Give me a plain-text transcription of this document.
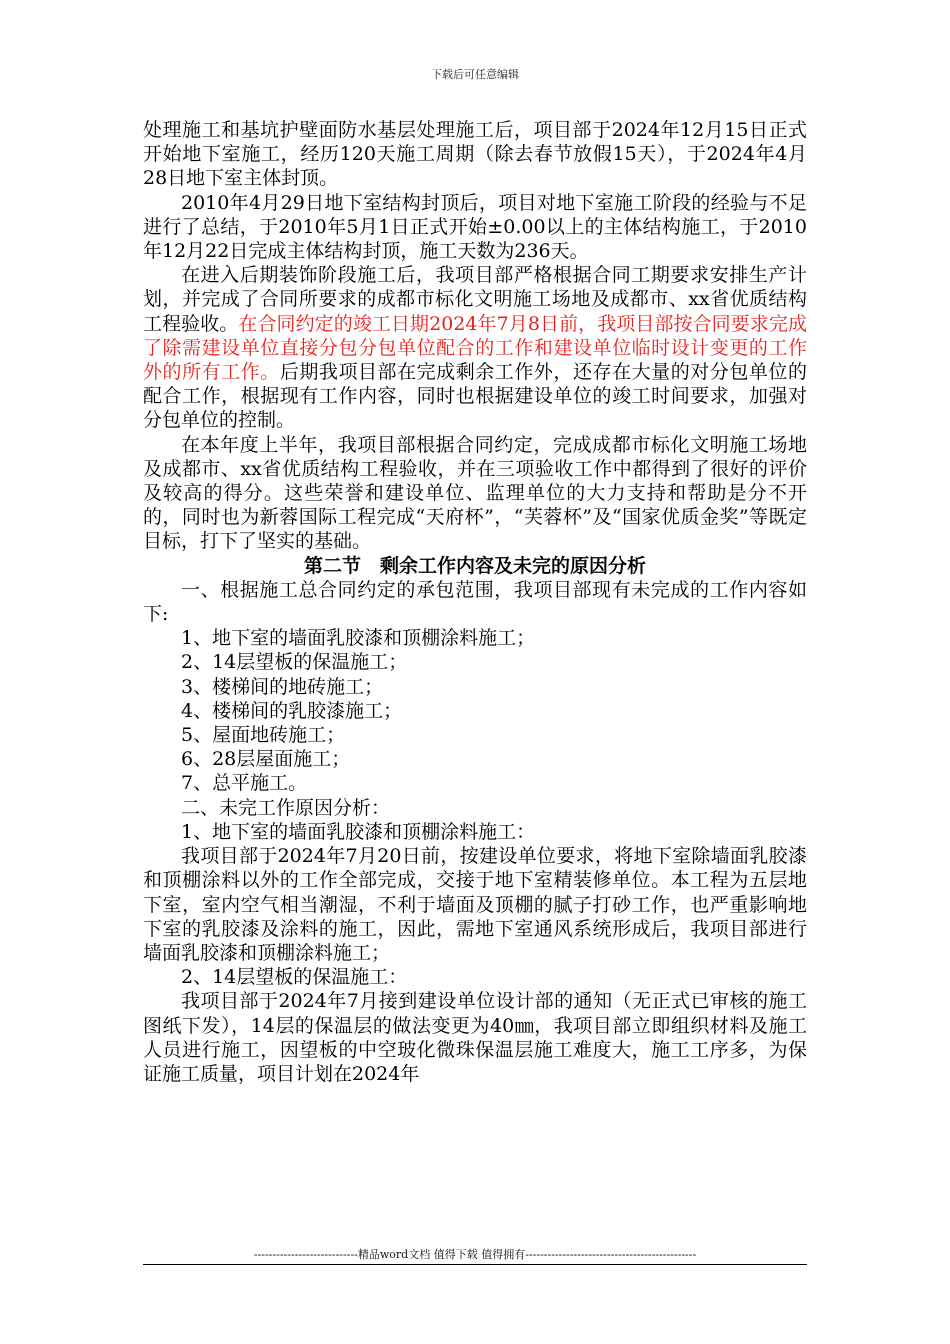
下载后可任意编辑

处理施工和基坑护壁面防水基层处理施工后，项目部于2024年12月15日正式开始地下室施工，经历120天施工周期（除去春节放假15天），于2024年4月28日地下室主体封顶。

2010年4月29日地下室结构封顶后，项目对地下室施工阶段的经验与不足进行了总结，于2010年5月1日正式开始±0.00以上的主体结构施工，于2010年12月22日完成主体结构封顶，施工天数为236天。

在进入后期装饰阶段施工后，我项目部严格根据合同工期要求安排生产计划，并完成了合同所要求的成都市标化文明施工场地及成都市、xx省优质结构工程验收。在合同约定的竣工日期2024年7月8日前，我项目部按合同要求完成了除需建设单位直接分包分包单位配合的工作和建设单位临时设计变更的工作外的所有工作。后期我项目部在完成剩余工作外，还存在大量的对分包单位的配合工作，根据现有工作内容，同时也根据建设单位的竣工时间要求，加强对分包单位的控制。

在本年度上半年，我项目部根据合同约定，完成成都市标化文明施工场地及成都市、xx省优质结构工程验收，并在三项验收工作中都得到了很好的评价及较高的得分。这些荣誉和建设单位、监理单位的大力支持和帮助是分不开的，同时也为新蓉国际工程完成“天府杯”，“芙蓉杯”及“国家优质金奖”等既定目标，打下了坚实的基础。

第二节　剩余工作内容及未完的原因分析

一、根据施工总合同约定的承包范围，我项目部现有未完成的工作内容如下:

1、地下室的墙面乳胶漆和顶棚涂料施工；

2、14层望板的保温施工；

3、楼梯间的地砖施工；

4、楼梯间的乳胶漆施工；

5、屋面地砖施工；

6、28层屋面施工；

7、总平施工。

二、未完工作原因分析：

1、地下室的墙面乳胶漆和顶棚涂料施工：

我项目部于2024年7月20日前，按建设单位要求，将地下室除墙面乳胶漆和顶棚涂料以外的工作全部完成，交接于地下室精装修单位。本工程为五层地下室，室内空气相当潮湿，不利于墙面及顶棚的腻子打砂工作，也严重影响地下室的乳胶漆及涂料的施工，因此，需地下室通风系统形成后，我项目部进行墙面乳胶漆和顶棚涂料施工；

2、14层望板的保温施工：

我项目部于2024年7月接到建设单位设计部的通知（无正式已审核的施工图纸下发），14层的保温层的做法变更为40㎜，我项目部立即组织材料及施工人员进行施工，因望板的中空玻化微珠保温层施工难度大，施工工序多，为保证施工质量，项目计划在2024年

----------------------------精品word文档 值得下载 值得拥有----------------------------------------------
